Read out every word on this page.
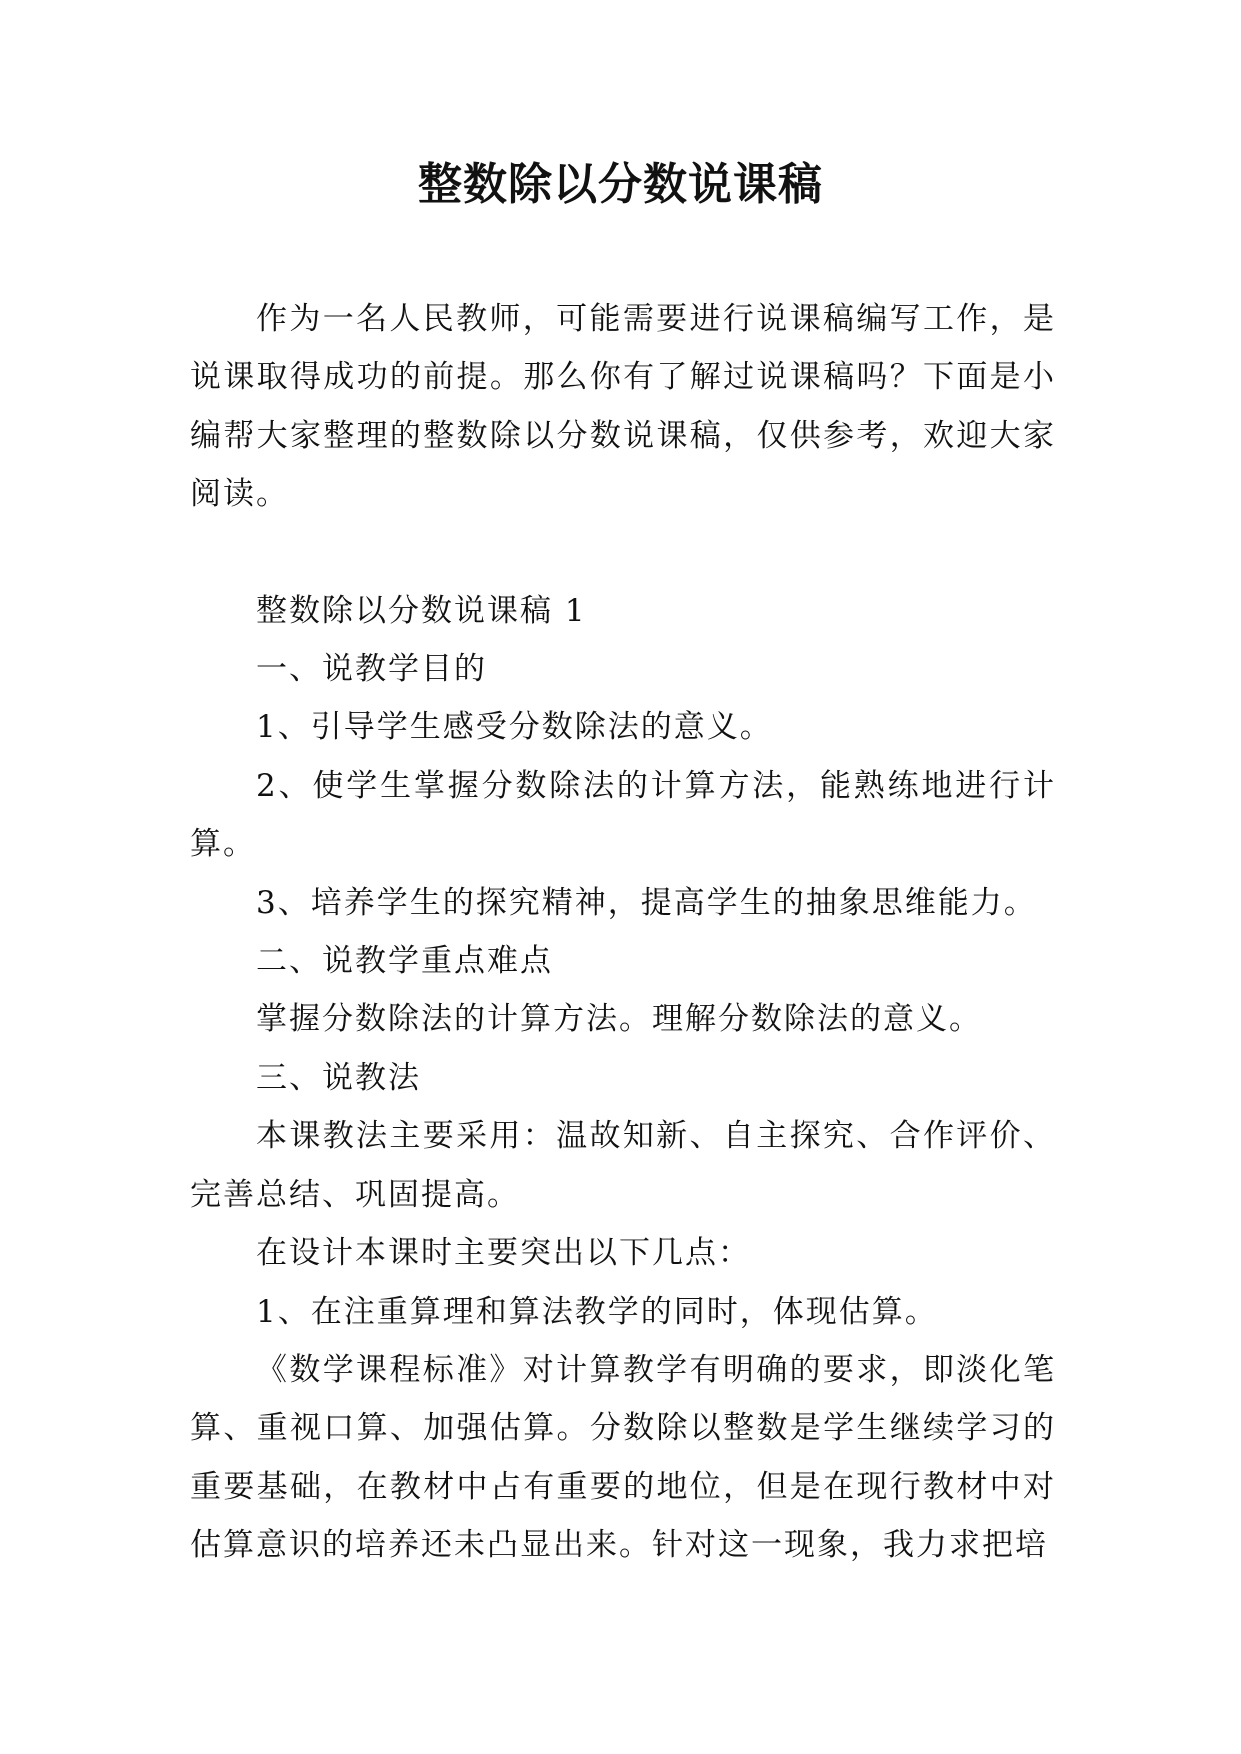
整数除以分数说课稿

作为一名人民教师，可能需要进行说课稿编写工作，是说课取得成功的前提。那么你有了解过说课稿吗？下面是小编帮大家整理的整数除以分数说课稿，仅供参考，欢迎大家阅读。

整数除以分数说课稿 1

一、说教学目的

1、引导学生感受分数除法的意义。

2、使学生掌握分数除法的计算方法，能熟练地进行计算。

3、培养学生的探究精神，提高学生的抽象思维能力。

二、说教学重点难点

掌握分数除法的计算方法。理解分数除法的意义。

三、说教法

本课教法主要采用：温故知新、自主探究、合作评价、完善总结、巩固提高。

在设计本课时主要突出以下几点：

1、在注重算理和算法教学的同时，体现估算。

《数学课程标准》对计算教学有明确的要求，即淡化笔算、重视口算、加强估算。分数除以整数是学生继续学习的重要基础，在教材中占有重要的地位，但是在现行教材中对估算意识的培养还未凸显出来。针对这一现象，我力求把培
